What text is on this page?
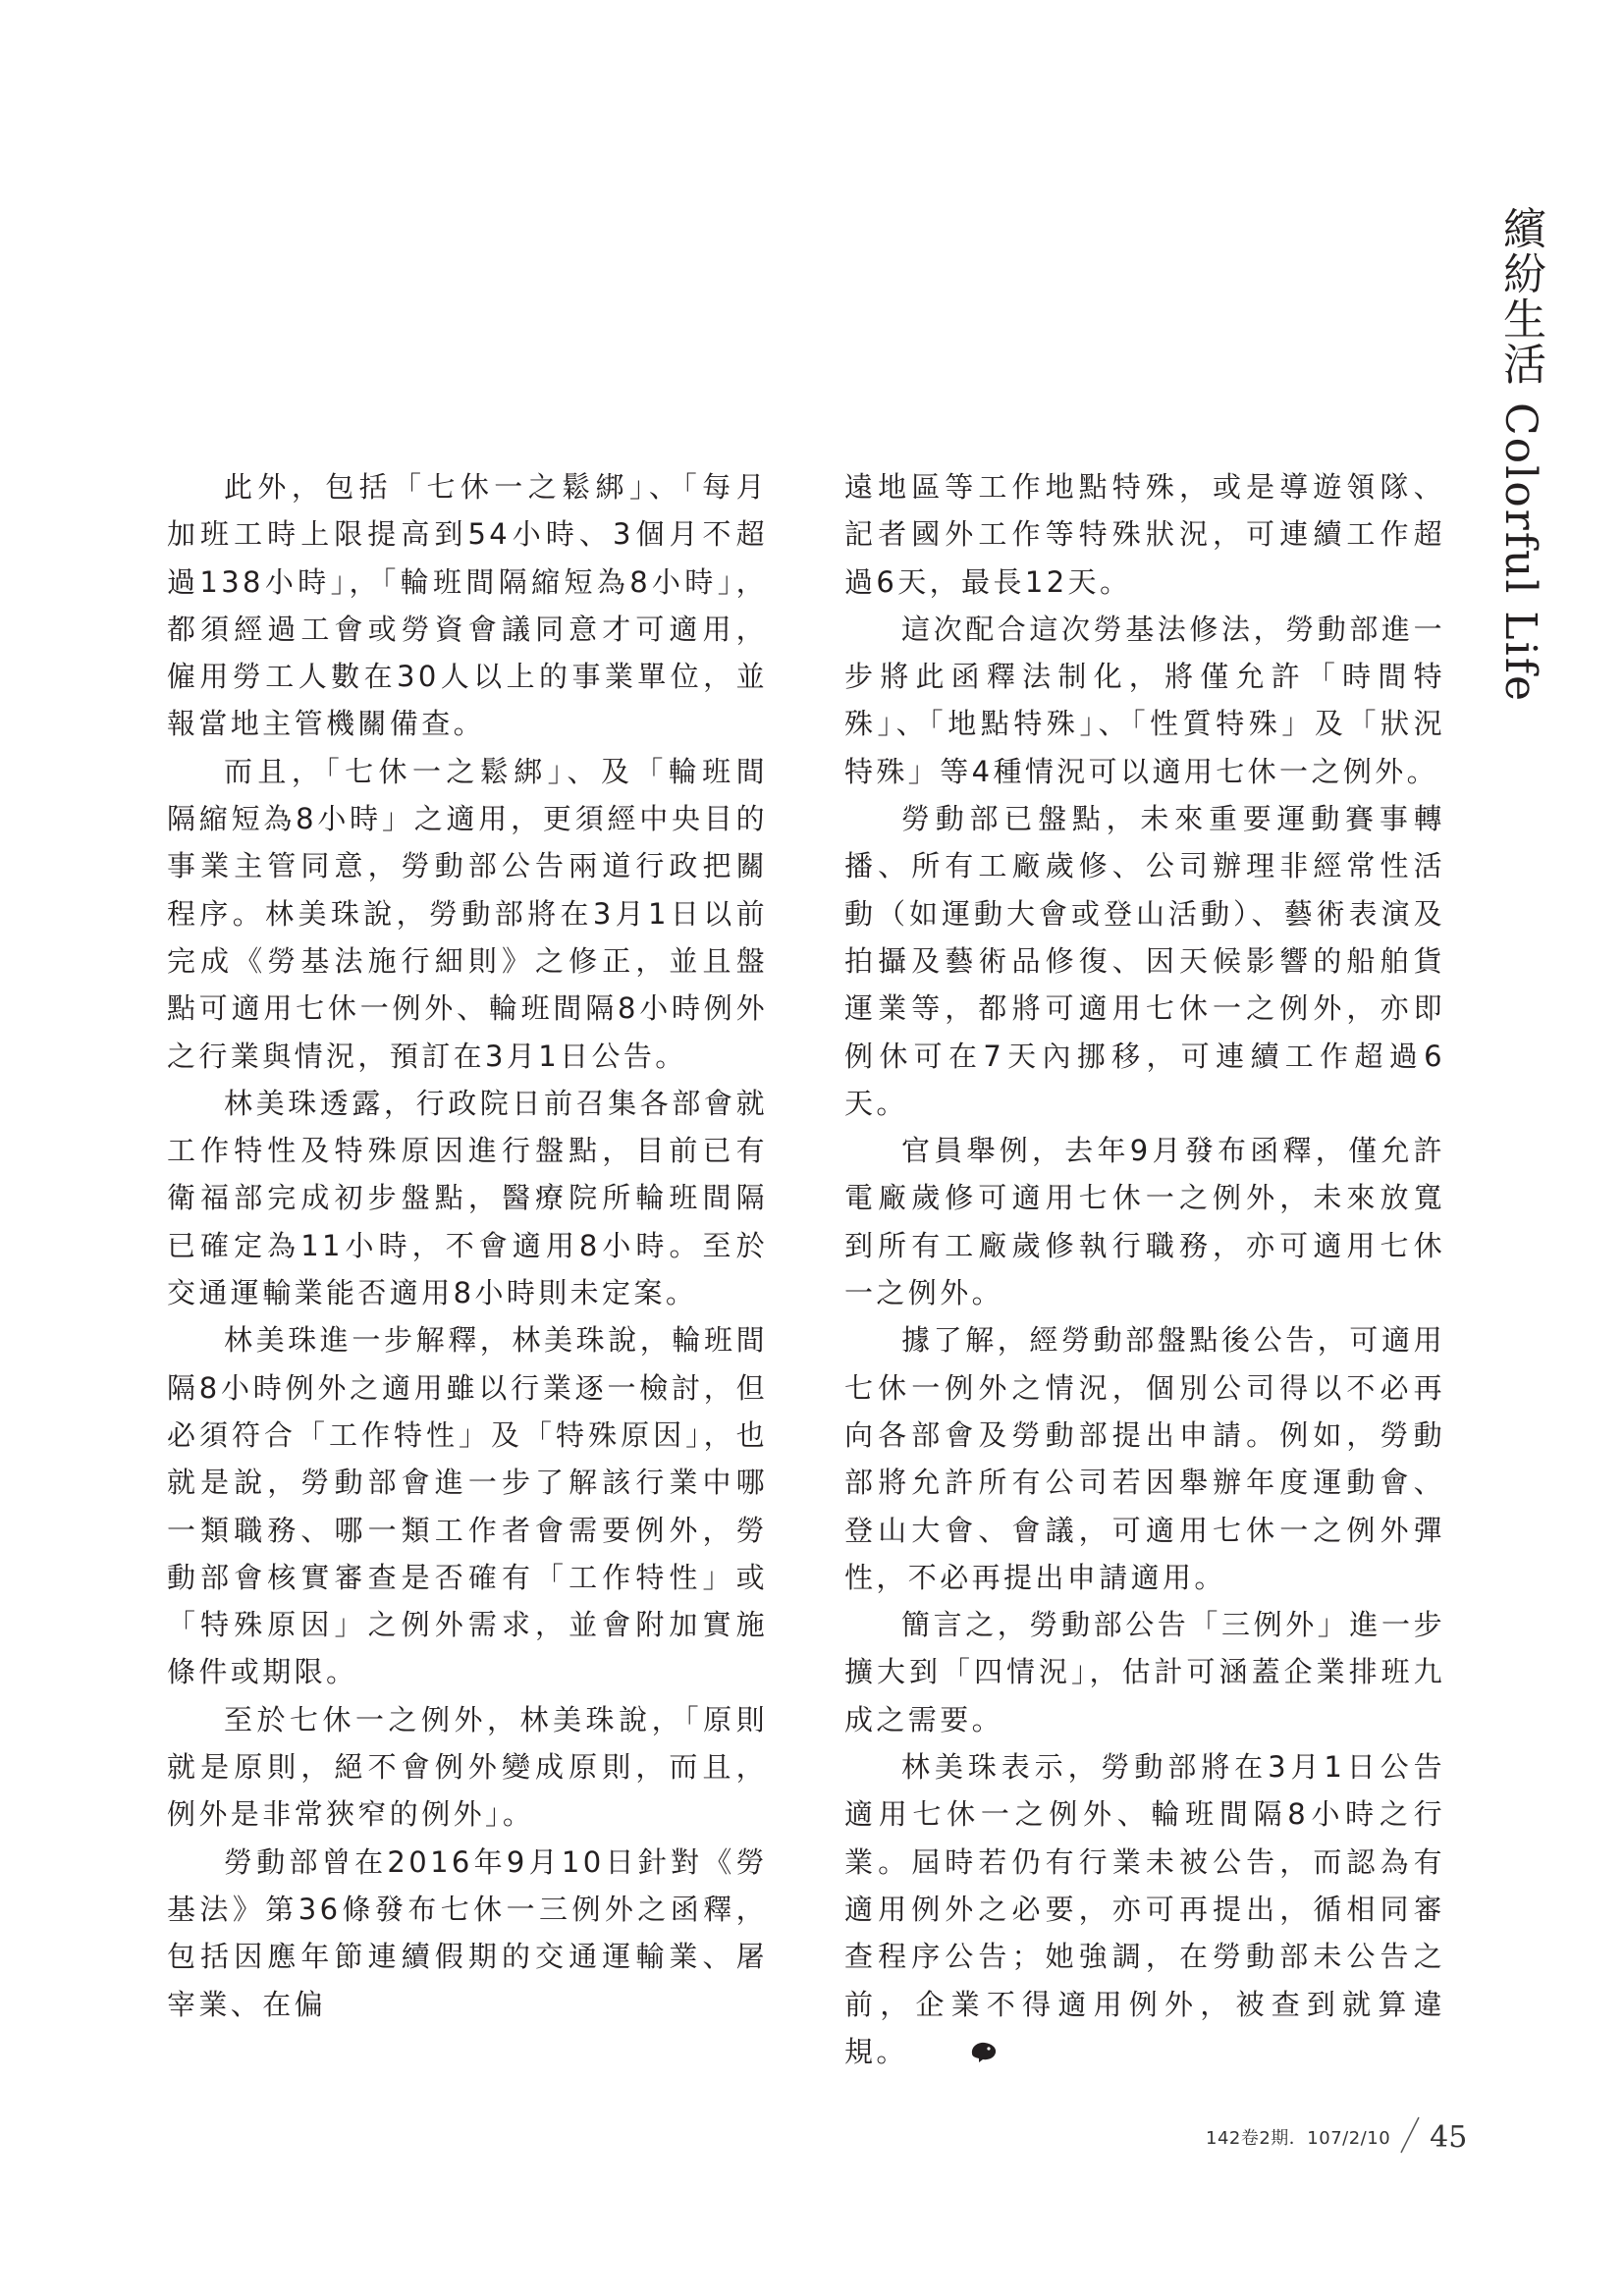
繽紛生活 Colorful Life

此外，包括「七休一之鬆綁」、「每月加班工時上限提高到54小時、3個月不超過138小時」，「輪班間隔縮短為8小時」，都須經過工會或勞資會議同意才可適用，僱用勞工人數在30人以上的事業單位，並報當地主管機關備查。

而且，「七休一之鬆綁」、及「輪班間隔縮短為8小時」之適用，更須經中央目的事業主管同意，勞動部公告兩道行政把關程序。林美珠說，勞動部將在3月1日以前完成《勞基法施行細則》之修正，並且盤點可適用七休一例外、輪班間隔8小時例外之行業與情況，預訂在3月1日公告。

林美珠透露，行政院日前召集各部會就工作特性及特殊原因進行盤點，目前已有衛福部完成初步盤點，醫療院所輪班間隔已確定為11小時，不會適用8小時。至於交通運輸業能否適用8小時則未定案。

林美珠進一步解釋，林美珠說，輪班間隔8小時例外之適用雖以行業逐一檢討，但必須符合「工作特性」及「特殊原因」，也就是說，勞動部會進一步了解該行業中哪一類職務、哪一類工作者會需要例外，勞動部會核實審查是否確有「工作特性」或「特殊原因」之例外需求，並會附加實施條件或期限。

至於七休一之例外，林美珠說，「原則就是原則，絕不會例外變成原則，而且，例外是非常狹窄的例外」。

勞動部曾在2016年9月10日針對《勞基法》第36條發布七休一三例外之函釋，包括因應年節連續假期的交通運輸業、屠宰業、在偏

遠地區等工作地點特殊，或是導遊領隊、記者國外工作等特殊狀況，可連續工作超過6天，最長12天。

這次配合這次勞基法修法，勞動部進一步將此函釋法制化，將僅允許「時間特殊」、「地點特殊」、「性質特殊」及「狀況特殊」等4種情況可以適用七休一之例外。

勞動部已盤點，未來重要運動賽事轉播、所有工廠歲修、公司辦理非經常性活動（如運動大會或登山活動）、藝術表演及拍攝及藝術品修復、因天候影響的船舶貨運業等，都將可適用七休一之例外，亦即例休可在7天內挪移，可連續工作超過6天。

官員舉例，去年9月發布函釋，僅允許電廠歲修可適用七休一之例外，未來放寬到所有工廠歲修執行職務，亦可適用七休一之例外。

據了解，經勞動部盤點後公告，可適用七休一例外之情況，個別公司得以不必再向各部會及勞動部提出申請。例如，勞動部將允許所有公司若因舉辦年度運動會、登山大會、會議，可適用七休一之例外彈性，不必再提出申請適用。

簡言之，勞動部公告「三例外」進一步擴大到「四情況」，估計可涵蓋企業排班九成之需要。

林美珠表示，勞動部將在3月1日公告適用七休一之例外、輪班間隔8小時之行業。屆時若仍有行業未被公告，而認為有適用例外之必要，亦可再提出，循相同審查程序公告；她強調，在勞動部未公告之前，企業不得適用例外，被查到就算違規。

142卷2期．107/2/10 45
